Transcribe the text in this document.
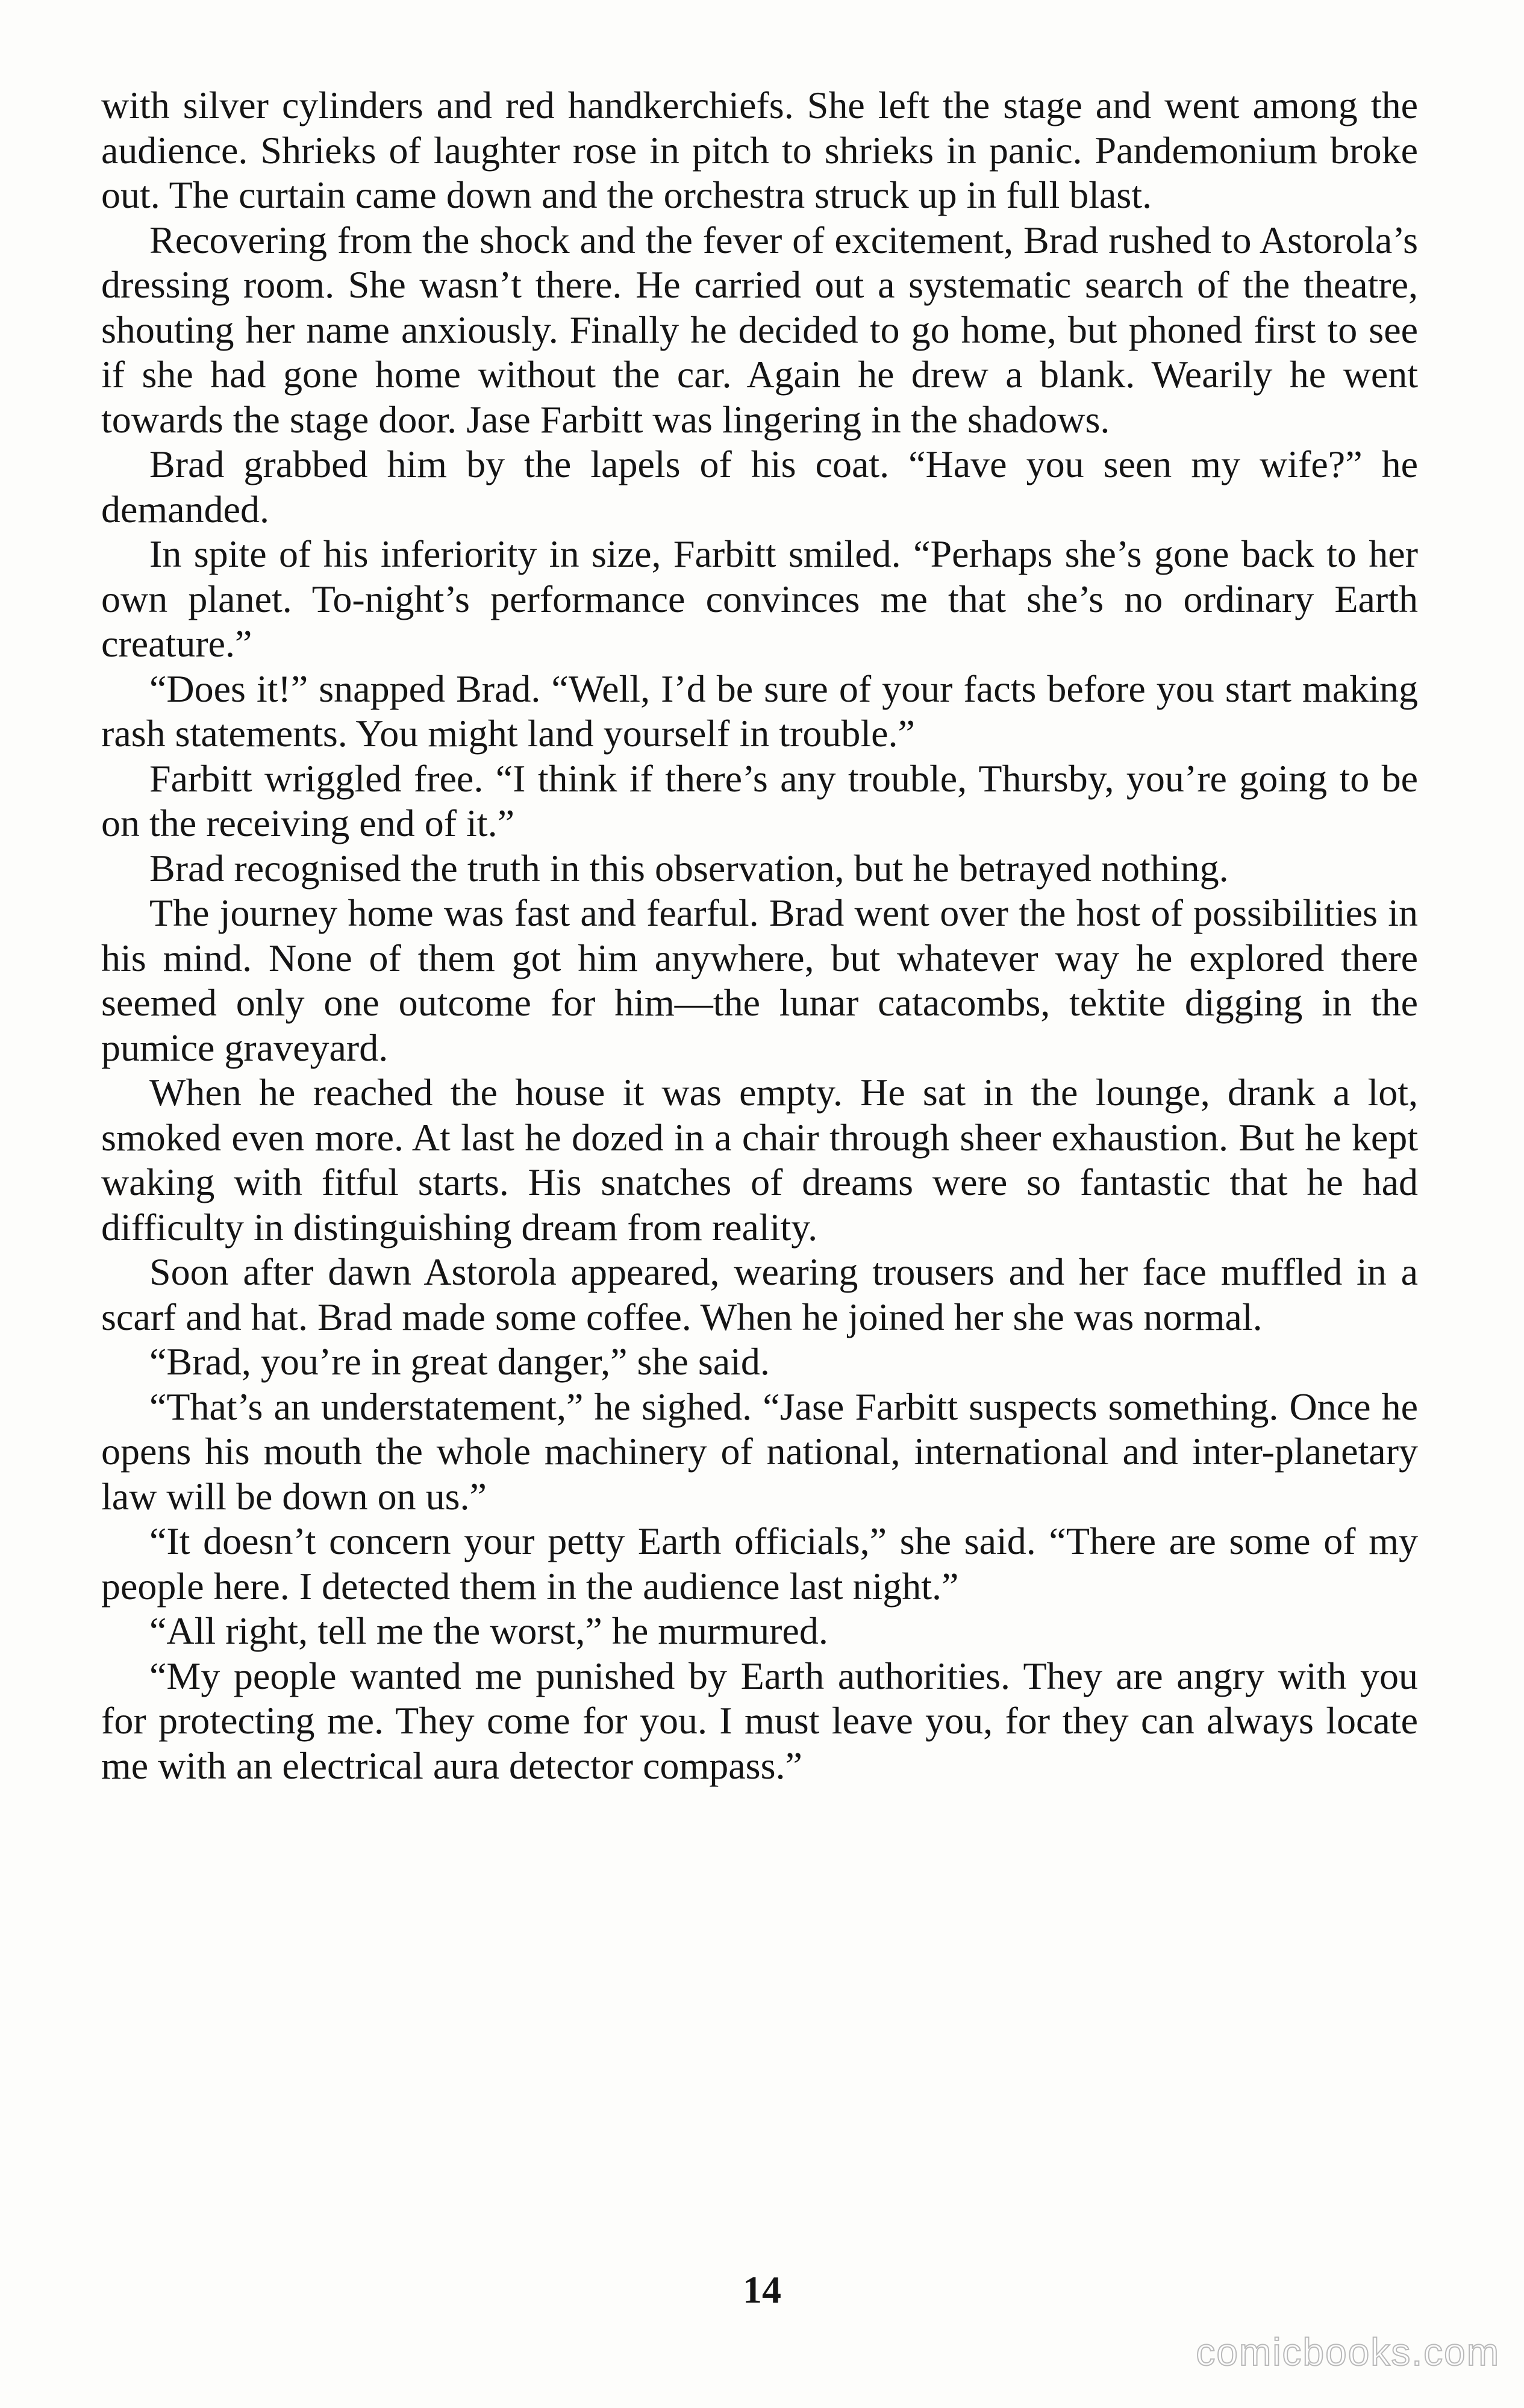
with silver cylinders and red handkerchiefs. She left the stage and went among the audience. Shrieks of laughter rose in pitch to shrieks in panic. Pandemonium broke out. The curtain came down and the orchestra struck up in full blast.

Recovering from the shock and the fever of excitement, Brad rushed to Astorola’s dressing room. She wasn’t there. He carried out a systematic search of the theatre, shouting her name anxiously. Finally he decided to go home, but phoned first to see if she had gone home without the car. Again he drew a blank. Wearily he went towards the stage door. Jase Farbitt was lingering in the shadows.

Brad grabbed him by the lapels of his coat. “Have you seen my wife?” he demanded.

In spite of his inferiority in size, Farbitt smiled. “Perhaps she’s gone back to her own planet. To-night’s performance convinces me that she’s no ordinary Earth creature.”

“Does it!” snapped Brad. “Well, I’d be sure of your facts before you start making rash statements. You might land yourself in trouble.”

Farbitt wriggled free. “I think if there’s any trouble, Thursby, you’re going to be on the receiving end of it.”

Brad recognised the truth in this observation, but he betrayed nothing.

The journey home was fast and fearful. Brad went over the host of possibilities in his mind. None of them got him anywhere, but whatever way he explored there seemed only one outcome for him—the lunar catacombs, tektite digging in the pumice graveyard.

When he reached the house it was empty. He sat in the lounge, drank a lot, smoked even more. At last he dozed in a chair through sheer exhaustion. But he kept waking with fitful starts. His snatches of dreams were so fantastic that he had difficulty in distinguishing dream from reality.

Soon after dawn Astorola appeared, wearing trousers and her face muffled in a scarf and hat. Brad made some coffee. When he joined her she was normal.

“Brad, you’re in great danger,” she said.

“That’s an understatement,” he sighed. “Jase Farbitt suspects something. Once he opens his mouth the whole machinery of national, international and inter-planetary law will be down on us.”

“It doesn’t concern your petty Earth officials,” she said. “There are some of my people here. I detected them in the audience last night.”

“All right, tell me the worst,” he murmured.

“My people wanted me punished by Earth authorities. They are angry with you for protecting me. They come for you. I must leave you, for they can always locate me with an electrical aura detector compass.”

14
comicbooks.com
